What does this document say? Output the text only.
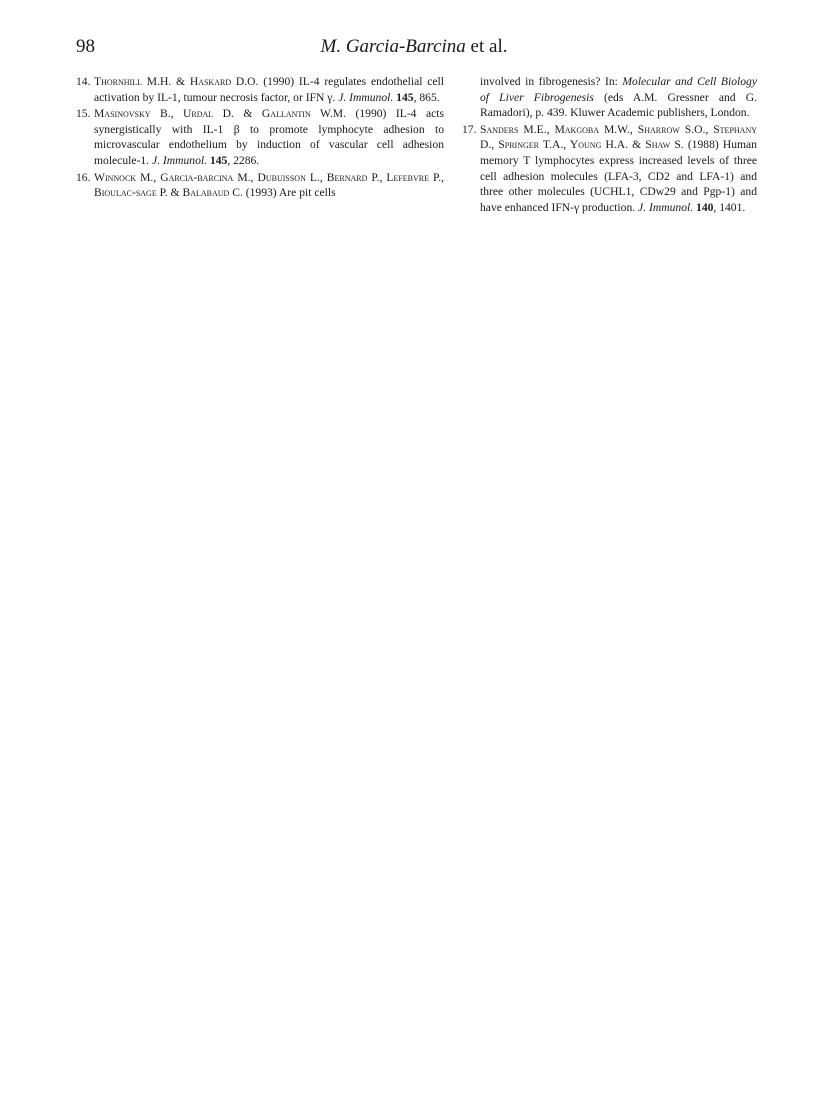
98	M. Garcia-Barcina et al.

14. Thornhill M.H. & Haskard D.O. (1990) IL-4 regulates endothelial cell activation by IL-1, tumour necrosis factor, or IFN γ. J. Immunol. 145, 865.

15. Masinovsky B., Urdal D. & Gallantin W.M. (1990) IL-4 acts synergistically with IL-1 β to promote lymphocyte adhesion to microvascular endothelium by induction of vascular cell adhesion molecule-1. J. Immunol. 145, 2286.

16. Winnock M., Garcia-barcina M., Dubuisson L., Bernard P., Lefebvre P., Bioulac-sage P. & Balabaud C. (1993) Are pit cells

involved in fibrogenesis? In: Molecular and Cell Biology of Liver Fibrogenesis (eds A.M. Gressner and G. Ramadori), p. 439. Kluwer Academic publishers, London.

17. Sanders M.E., Makgoba M.W., Sharrow S.O., Stephany D., Springer T.A., Young H.A. & Shaw S. (1988) Human memory T lymphocytes express increased levels of three cell adhesion molecules (LFA-3, CD2 and LFA-1) and three other molecules (UCHL1, CDw29 and Pgp-1) and have enhanced IFN-γ production. J. Immunol. 140, 1401.
